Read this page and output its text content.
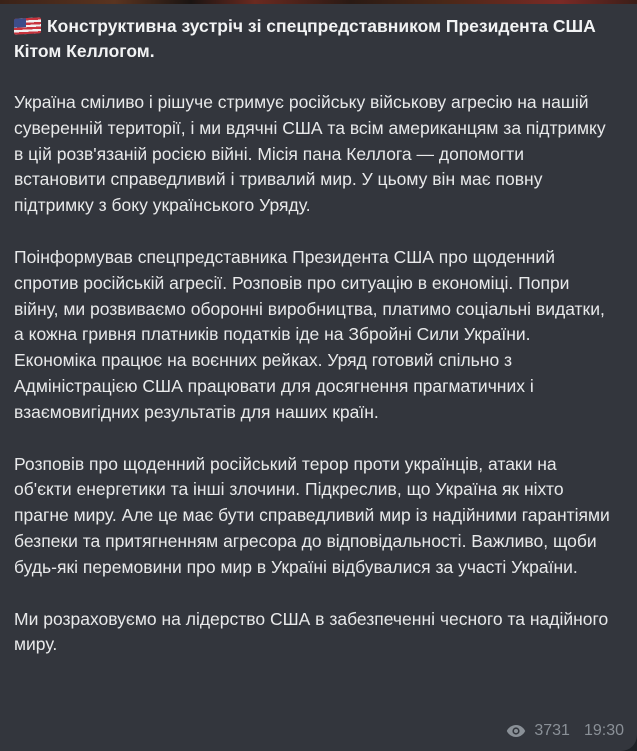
Конструктивна зустріч зі спецпредставником Президента США Кітом Келлогом.

Україна сміливо і рішуче стримує російську військову агресію на нашій суверенній території, і ми вдячні США та всім американцям за підтримку в цій розв'язаній росією війні. Місія пана Келлога — допомогти встановити справедливий і тривалий мир. У цьому він має повну підтримку з боку українського Уряду.

Поінформував спецпредставника Президента США про щоденний спротив російській агресії. Розповів про ситуацію в економіці. Попри війну, ми розвиваємо оборонні виробництва, платимо соціальні видатки, а кожна гривня платників податків іде на Збройні Сили України. Економіка працює на воєнних рейках. Уряд готовий спільно з Адміністрацією США працювати для досягнення прагматичних і взаємовигідних результатів для наших країн.

Розповів про щоденний російський терор проти українців, атаки на об'єкти енергетики та інші злочини. Підкреслив, що Україна як ніхто прагне миру. Але це має бути справедливий мир із надійними гарантіями безпеки та притягненням агресора до відповідальності. Важливо, щоби будь-які перемовини про мир в Україні відбувалися за участі України.

Ми розраховуємо на лідерство США в забезпеченні чесного та надійного миру.

3731 19:30
